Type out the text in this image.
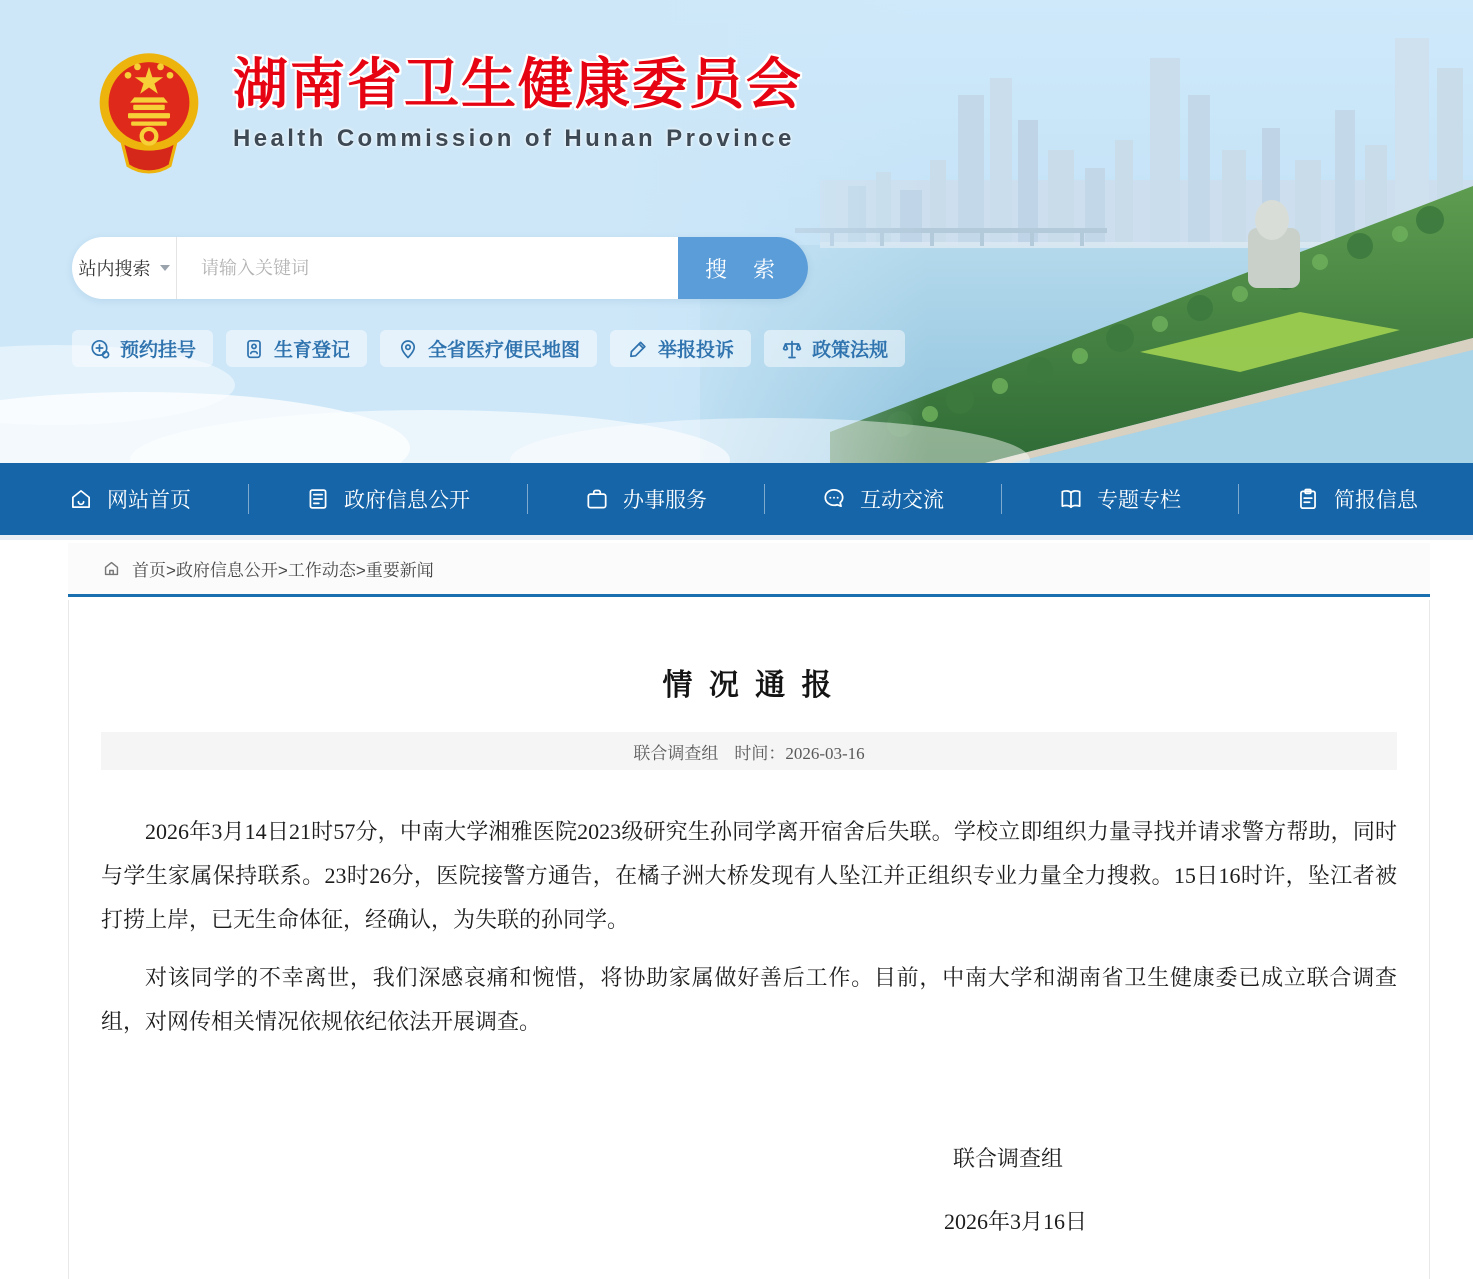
湖南省卫生健康委员会
Health Commission of Hunan Province
站内搜索
请输入关键词	搜 索
预约挂号	生育登记	全省医疗便民地图	举报投诉	政策法规
网站首页	政府信息公开	办事服务	互动交流	专题专栏	简报信息
首页>政府信息公开>工作动态>重要新闻
情 况 通 报
联合调查组 时间：2026-03-16

2026年3月14日21时57分，中南大学湘雅医院2023级研究生孙同学离开宿舍后失联。学校立即组织力量寻找并请求警方帮助，同时与学生家属保持联系。23时26分，医院接警方通告，在橘子洲大桥发现有人坠江并正组织专业力量全力搜救。15日16时许，坠江者被打捞上岸，已无生命体征，经确认，为失联的孙同学。

对该同学的不幸离世，我们深感哀痛和惋惜，将协助家属做好善后工作。目前，中南大学和湖南省卫生健康委已成立联合调查组，对网传相关情况依规依纪依法开展调查。

联合调查组
2026年3月16日
